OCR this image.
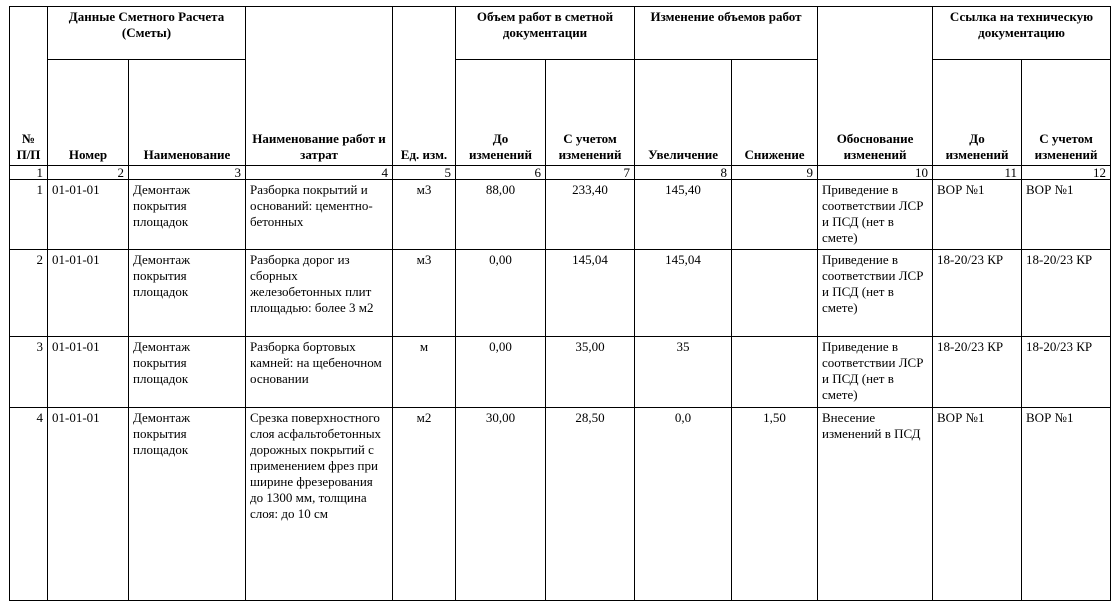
№ П/П	Данные Сметного Расчета (Сметы)		Наименование работ и затрат	Ед. изм.	Объем работ в сметной документации		Изменение объемов работ		Обоснование изменений	Ссылка на техническую документацию	
	Номер	Наименование			До изменений	С учетом изменений	Увеличение	Снижение		До изменений	С учетом изменений
1	2	3	4	5	6	7	8	9	10	11	12
1	01-01-01	Демонтаж покрытия площадок	Разборка покрытий и оснований: цементно-бетонных	м3	88,00	233,40	145,40		Приведение в соответствии ЛСР и ПСД (нет в смете)	ВОР №1	ВОР №1
2	01-01-01	Демонтаж покрытия площадок	Разборка дорог из сборных железобетонных плит площадью: более 3 м2	м3	0,00	145,04	145,04		Приведение в соответствии ЛСР и ПСД (нет в смете)	18-20/23 КР	18-20/23 КР
3	01-01-01	Демонтаж покрытия площадок	Разборка бортовых камней: на щебеночном основании	м	0,00	35,00	35		Приведение в соответствии ЛСР и ПСД (нет в смете)	18-20/23 КР	18-20/23 КР
4	01-01-01	Демонтаж покрытия площадок	Срезка поверхностного слоя асфальтобетонных дорожных покрытий с применением фрез при ширине фрезерования до 1300 мм, толщина слоя: до 10 см	м2	30,00	28,50	0,0	1,50	Внесение изменений в ПСД	ВОР №1	ВОР №1
